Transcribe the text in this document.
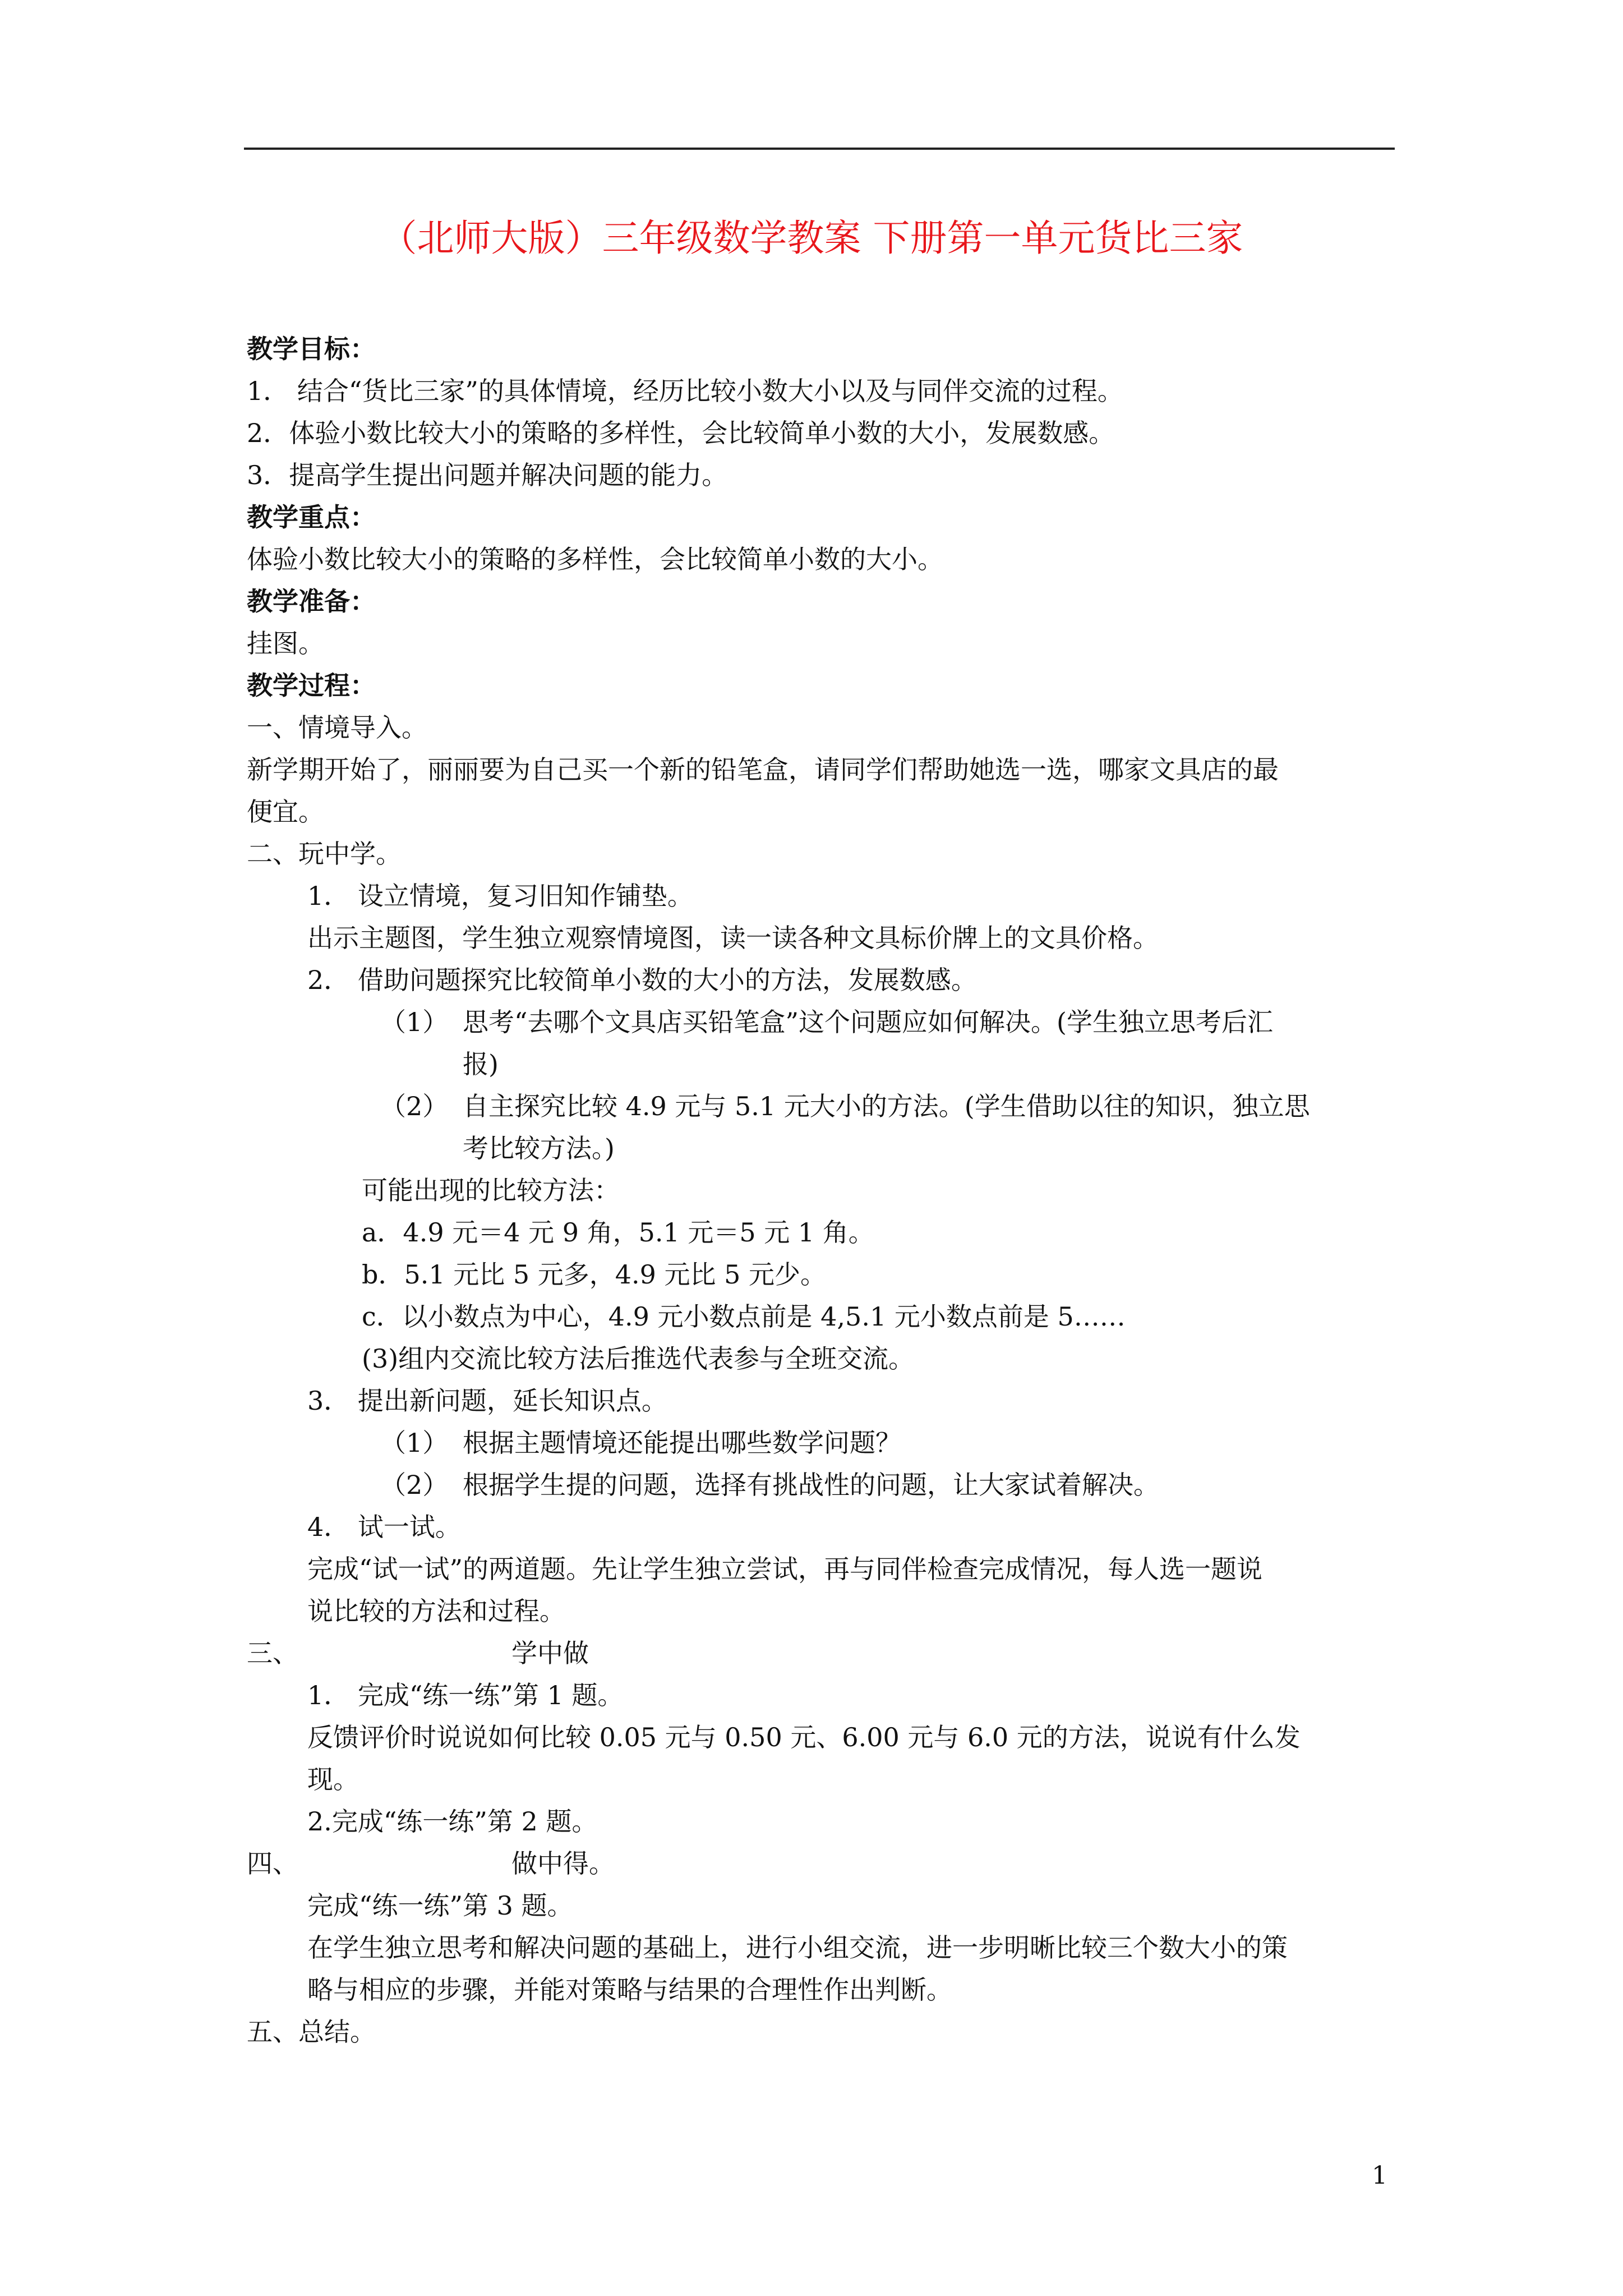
（北师大版）三年级数学教案 下册第一单元货比三家

教学目标：

1． 结合“货比三家”的具体情境，经历比较小数大小以及与同伴交流的过程。

2．体验小数比较大小的策略的多样性，会比较简单小数的大小，发展数感。

3．提高学生提出问题并解决问题的能力。

教学重点：

体验小数比较大小的策略的多样性，会比较简单小数的大小。

教学准备：

挂图。

教学过程：

一、情境导入。

新学期开始了，丽丽要为自己买一个新的铅笔盒，请同学们帮助她选一选，哪家文具店的最

便宜。

二、玩中学。

1． 设立情境，复习旧知作铺垫。

出示主题图，学生独立观察情境图，读一读各种文具标价牌上的文具价格。

2． 借助问题探究比较简单小数的大小的方法，发展数感。

（1） 思考“去哪个文具店买铅笔盒”这个问题应如何解决。(学生独立思考后汇

报)

（2） 自主探究比较 4.9 元与 5.1 元大小的方法。(学生借助以往的知识，独立思

考比较方法。)

可能出现的比较方法：

a．4.9 元＝4 元 9 角，5.1 元＝5 元 1 角。

b．5.1 元比 5 元多，4.9 元比 5 元少。

c．以小数点为中心，4.9 元小数点前是 4,5.1 元小数点前是 5……

(3)组内交流比较方法后推选代表参与全班交流。

3． 提出新问题，延长知识点。

（1） 根据主题情境还能提出哪些数学问题？

（2） 根据学生提的问题，选择有挑战性的问题，让大家试着解决。

4． 试一试。

完成“试一试”的两道题。先让学生独立尝试，再与同伴检查完成情况，每人选一题说

说比较的方法和过程。

三、	学中做

1． 完成“练一练”第 1 题。

反馈评价时说说如何比较 0.05 元与 0.50 元、6.00 元与 6.0 元的方法，说说有什么发

现。

2.完成“练一练”第 2 题。

四、	做中得。

完成“练一练”第 3 题。

在学生独立思考和解决问题的基础上，进行小组交流，进一步明晰比较三个数大小的策

略与相应的步骤，并能对策略与结果的合理性作出判断。

五、总结。

1
